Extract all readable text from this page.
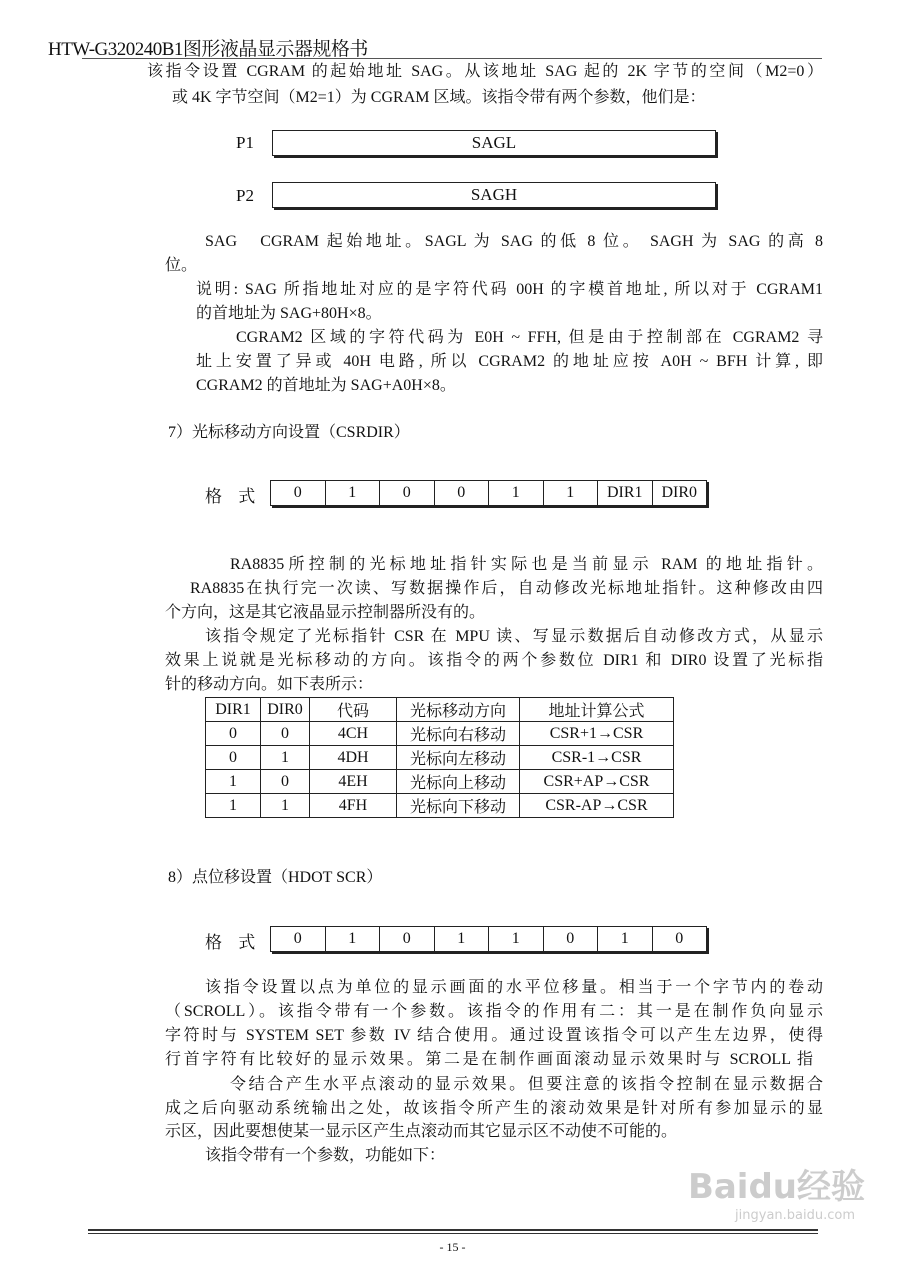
HTW-G320240B1图形液晶显示器规格书
该指令设置 CGRAM 的起始地址 SAG。从该地址 SAG 起的 2K 字节的空间（M2=0）
或 4K 字节空间（M2=1）为 CGRAM 区域。该指令带有两个参数，他们是：
P1	SAGL
P2	SAGH
SAG　CGRAM 起始地址。SAGL 为 SAG 的低 8 位。 SAGH 为 SAG 的高 8
位。
说明: SAG 所指地址对应的是字符代码 00H 的字模首地址, 所以对于 CGRAM1
的首地址为 SAG+80H×8。
CGRAM2 区域的字符代码为 E0H ~ FFH, 但是由于控制部在 CGRAM2 寻
址上安置了异或 40H 电路, 所以 CGRAM2 的地址应按 A0H ~ BFH 计算, 即
CGRAM2 的首地址为 SAG+A0H×8。
7）光标移动方向设置（CSRDIR）
格 式	0	1	0	0	1	1	DIR1	DIR0
RA8835所控制的光标地址指针实际也是当前显示 RAM 的地址指针。
RA8835在执行完一次读、写数据操作后，自动修改光标地址指针。这种修改由四
个方向，这是其它液晶显示控制器所没有的。
该指令规定了光标指针 CSR 在 MPU 读、写显示数据后自动修改方式，从显示
效果上说就是光标移动的方向。该指令的两个参数位 DIR1 和 DIR0 设置了光标指
针的移动方向。如下表所示：
DIR1	DIR0	代码	光标移动方向	地址计算公式
0	0	4CH	光标向右移动	CSR+1→CSR
0	1	4DH	光标向左移动	CSR-1→CSR
1	0	4EH	光标向上移动	CSR+AP→CSR
1	1	4FH	光标向下移动	CSR-AP→CSR
8）点位移设置（HDOT SCR）
格 式	0	1	0	1	1	0	1	0
该指令设置以点为单位的显示画面的水平位移量。相当于一个字节内的卷动
（SCROLL）。该指令带有一个参数。该指令的作用有二：其一是在制作负向显示
字符时与 SYSTEM SET 参数 IV 结合使用。通过设置该指令可以产生左边界，使得
行首字符有比较好的显示效果。第二是在制作画面滚动显示效果时与 SCROLL 指
令结合产生水平点滚动的显示效果。但要注意的该指令控制在显示数据合
成之后向驱动系统输出之处，故该指令所产生的滚动效果是针对所有参加显示的显
示区，因此要想使某一显示区产生点滚动而其它显示区不动使不可能的。
该指令带有一个参数，功能如下：
Baidu经验
jingyan.baidu.com
- 15 -
